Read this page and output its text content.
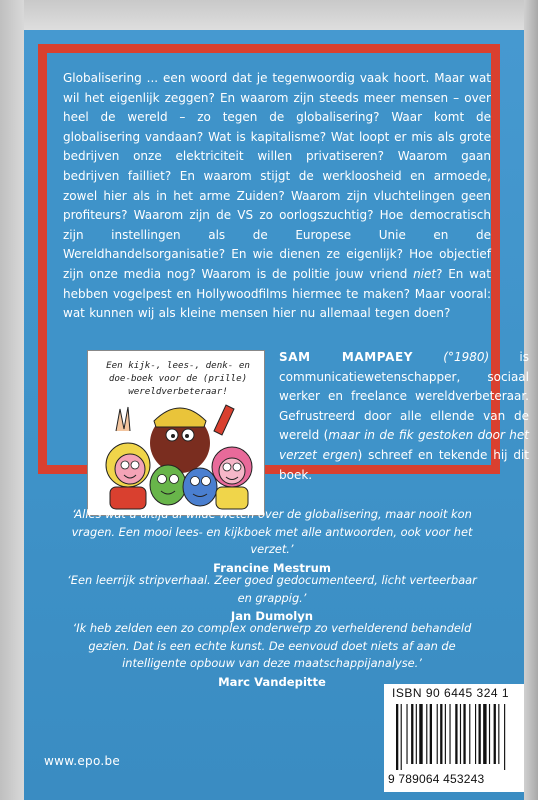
Globalisering ... een woord dat je tegenwoordig vaak hoort. Maar wat wil het eigenlijk zeggen? En waarom zijn steeds meer mensen – over heel de wereld – zo tegen de globalisering? Waar komt de globalisering vandaan? Wat is kapitalisme? Wat loopt er mis als grote bedrijven onze elektriciteit willen privatiseren? Waarom gaan bedrijven failliet? En waarom stijgt de werkloosheid en armoede, zowel hier als in het arme Zuiden? Waarom zijn vluchtelingen geen profiteurs? Waarom zijn de VS zo oorlogszuchtig? Hoe democratisch zijn instellingen als de Europese Unie en de Wereldhandelsorganisatie? En wie dienen ze eigenlijk? Hoe objectief zijn onze media nog? Waarom is de politie jouw vriend niet? En wat hebben vogelpest en Hollywoodfilms hiermee te maken? Maar vooral: wat kunnen wij als kleine mensen hier nu allemaal tegen doen?

Een kijk-, lees-, denk- en doe-boek voor de (prille) wereldverbeteraar!

SAM MAMPAEY	(°1980) is communicatiewetenschapper, sociaal werker en freelance wereldverbeteraar. Gefrustreerd door alle ellende van de wereld (maar in de fik gestoken door het verzet ergen) schreef en tekende hij dit boek.

‘Alles wat u altijd al wilde weten over de globalisering, maar nooit kon vragen. Een mooi lees- en kijkboek met alle antwoorden, ook voor het verzet.’
Francine Mestrum
‘Een leerrijk stripverhaal. Zeer goed gedocumenteerd, licht verteerbaar en grappig.’
Jan Dumolyn
‘Ik heb zelden een zo complex onderwerp zo verhelderend behandeld gezien. Dat is een echte kunst. De eenvoud doet niets af aan de intelligente opbouw van deze maatschappijanalyse.’
Marc Vandepitte
ISBN 90 6445 324 1
9 789064 453243
www.epo.be
